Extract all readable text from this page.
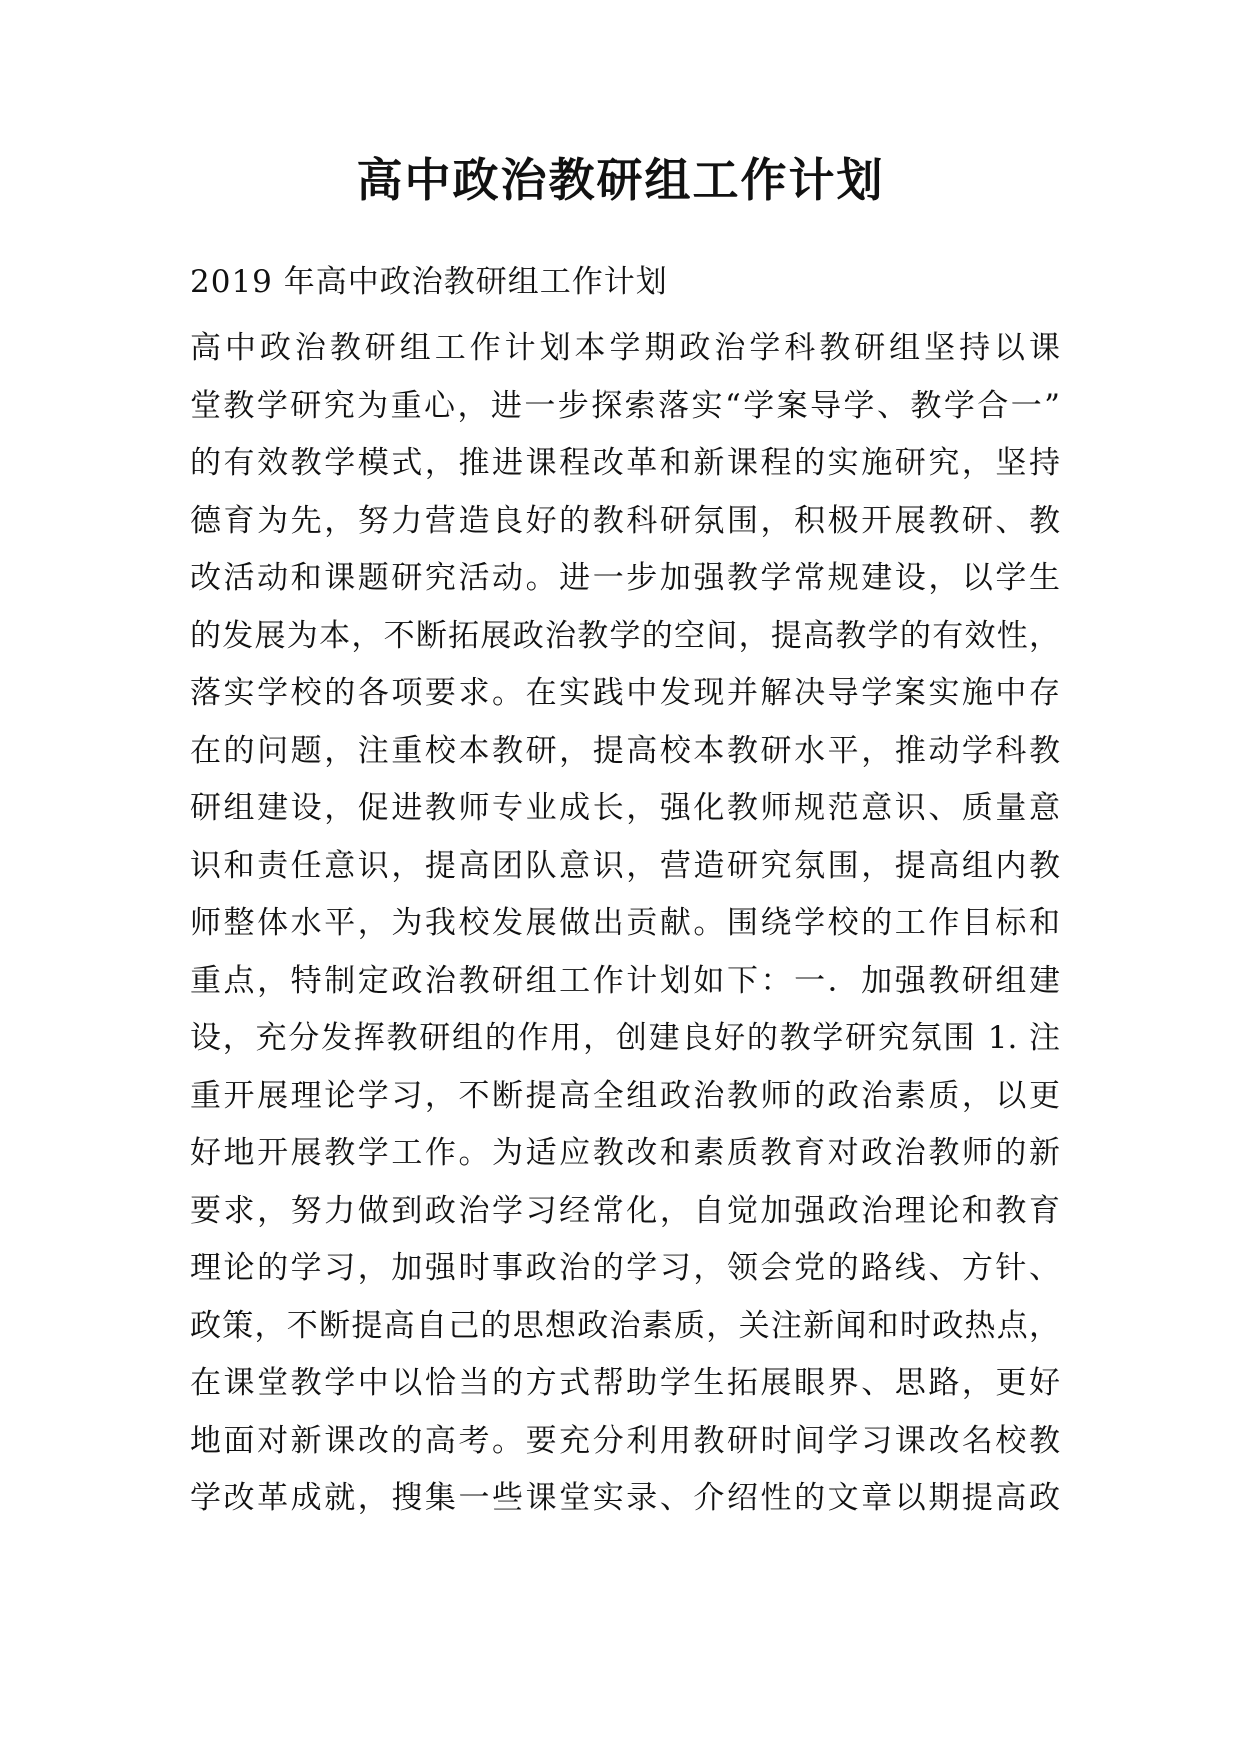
高中政治教研组工作计划

2019 年高中政治教研组工作计划

高中政治教研组工作计划本学期政治学科教研组坚持以课
堂教学研究为重心，进一步探索落实“学案导学、教学合一”
的有效教学模式，推进课程改革和新课程的实施研究，坚持
德育为先，努力营造良好的教科研氛围，积极开展教研、教
改活动和课题研究活动。进一步加强教学常规建设，以学生
的发展为本，不断拓展政治教学的空间，提高教学的有效性，
落实学校的各项要求。在实践中发现并解决导学案实施中存
在的问题，注重校本教研，提高校本教研水平，推动学科教
研组建设，促进教师专业成长，强化教师规范意识、质量意
识和责任意识，提高团队意识，营造研究氛围，提高组内教
师整体水平，为我校发展做出贡献。围绕学校的工作目标和
重点，特制定政治教研组工作计划如下：一．加强教研组建
设，充分发挥教研组的作用，创建良好的教学研究氛围 1. 注
重开展理论学习，不断提高全组政治教师的政治素质，以更
好地开展教学工作。为适应教改和素质教育对政治教师的新
要求，努力做到政治学习经常化，自觉加强政治理论和教育
理论的学习，加强时事政治的学习，领会党的路线、方针、
政策，不断提高自己的思想政治素质，关注新闻和时政热点，
在课堂教学中以恰当的方式帮助学生拓展眼界、思路，更好
地面对新课改的高考。要充分利用教研时间学习课改名校教
学改革成就，搜集一些课堂实录、介绍性的文章以期提高政
